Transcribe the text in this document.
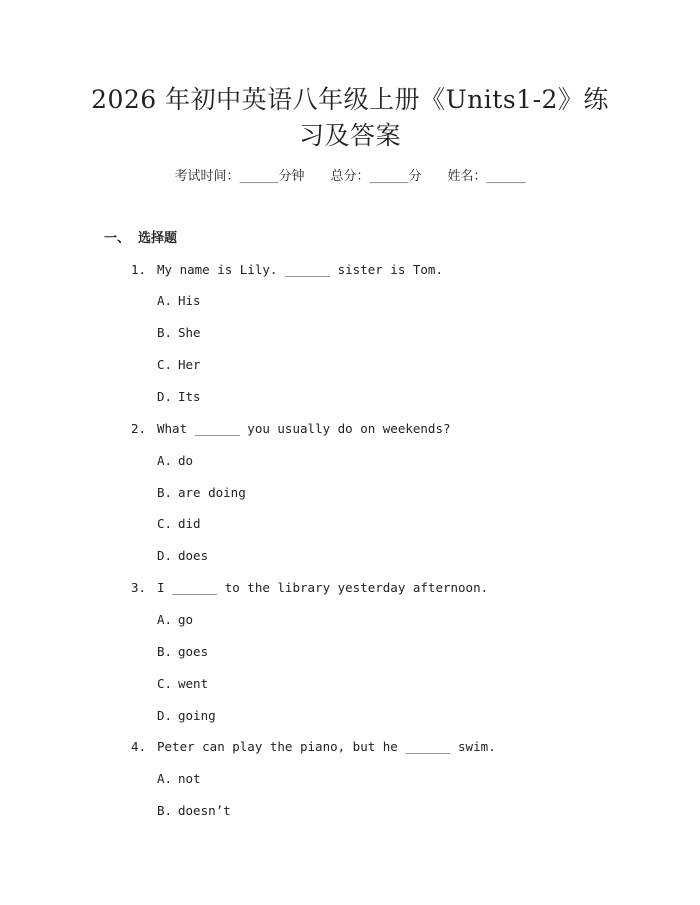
2026 年初中英语八年级上册《Units1-2》练
习及答案
考试时间：______分钟 总分：______分 姓名：______
一、 选择题
1. My name is Lily. ______ sister is Tom.
A. His
B. She
C. Her
D. Its
2. What ______ you usually do on weekends?
A. do
B. are doing
C. did
D. does
3. I ______ to the library yesterday afternoon.
A. go
B. goes
C. went
D. going
4. Peter can play the piano, but he ______ swim.
A. not
B. doesn’t
